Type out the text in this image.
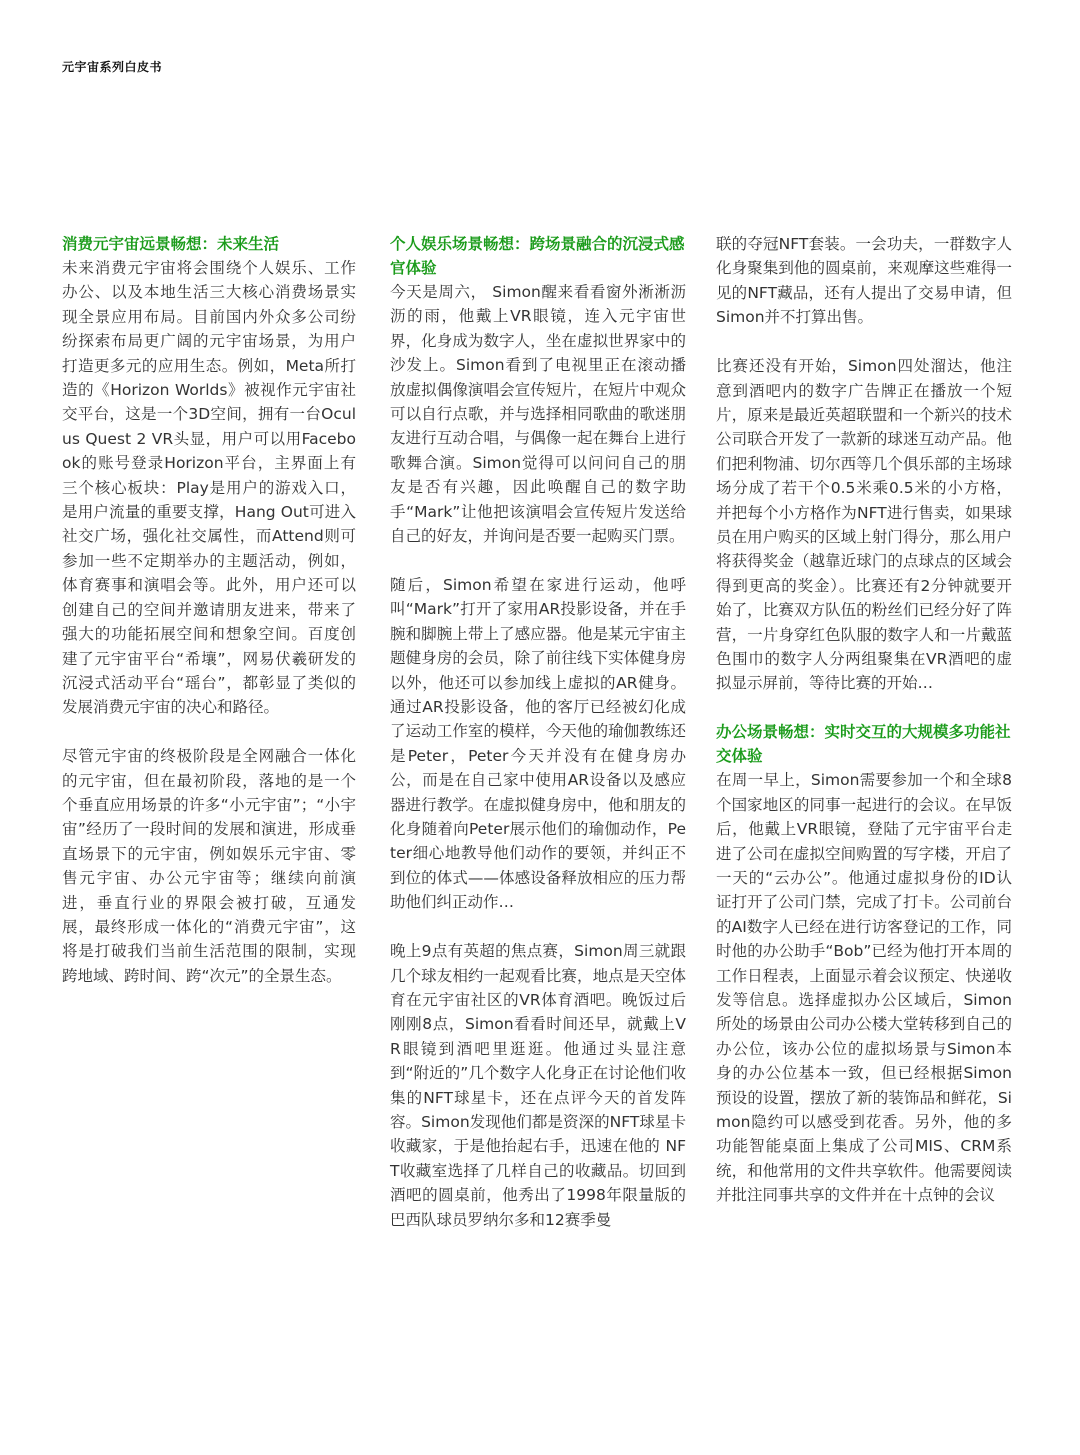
元宇宙系列白皮书

消费元宇宙远景畅想：未来生活

未来消费元宇宙将会围绕个人娱乐、工作办公、以及本地生活三大核心消费场景实现全景应用布局。目前国内外众多公司纷纷探索布局更广阔的元宇宙场景，为用户打造更多元的应用生态。例如，Meta所打造的《Horizon Worlds》被视作元宇宙社交平台，这是一个3D空间，拥有一台Oculus Quest 2 VR头显，用户可以用Facebook的账号登录Horizon平台，主界面上有三个核心板块：Play是用户的游戏入口，是用户流量的重要支撑，Hang Out可进入社交广场，强化社交属性，而Attend则可参加一些不定期举办的主题活动，例如，体育赛事和演唱会等。此外，用户还可以创建自己的空间并邀请朋友进来，带来了强大的功能拓展空间和想象空间。百度创建了元宇宙平台“希壤”，网易伏羲研发的沉浸式活动平台“瑶台”，都彰显了类似的发展消费元宇宙的决心和路径。

尽管元宇宙的终极阶段是全网融合一体化的元宇宙，但在最初阶段，落地的是一个个垂直应用场景的许多“小元宇宙”；“小宇宙”经历了一段时间的发展和演进，形成垂直场景下的元宇宙，例如娱乐元宇宙、零售元宇宙、办公元宇宙等；继续向前演进，垂直行业的界限会被打破，互通发展，最终形成一体化的“消费元宇宙”，这将是打破我们当前生活范围的限制，实现跨地域、跨时间、跨“次元”的全景生态。

个人娱乐场景畅想：跨场景融合的沉浸式感官体验

今天是周六， Simon醒来看看窗外淅淅沥沥的雨，他戴上VR眼镜，连入元宇宙世界，化身成为数字人，坐在虚拟世界家中的沙发上。Simon看到了电视里正在滚动播放虚拟偶像演唱会宣传短片，在短片中观众可以自行点歌，并与选择相同歌曲的歌迷朋友进行互动合唱，与偶像一起在舞台上进行歌舞合演。Simon觉得可以问问自己的朋友是否有兴趣，因此唤醒自己的数字助手“Mark”让他把该演唱会宣传短片发送给自己的好友，并询问是否要一起购买门票。

随后，Simon希望在家进行运动，他呼叫“Mark”打开了家用AR投影设备，并在手腕和脚腕上带上了感应器。他是某元宇宙主题健身房的会员，除了前往线下实体健身房以外，他还可以参加线上虚拟的AR健身。通过AR投影设备，他的客厅已经被幻化成了运动工作室的模样，今天他的瑜伽教练还是Peter，Peter今天并没有在健身房办公，而是在自己家中使用AR设备以及感应器进行教学。在虚拟健身房中，他和朋友的化身随着向Peter展示他们的瑜伽动作，Peter细心地教导他们动作的要领，并纠正不到位的体式——体感设备释放相应的压力帮助他们纠正动作…

晚上9点有英超的焦点赛，Simon周三就跟几个球友相约一起观看比赛，地点是天空体育在元宇宙社区的VR体育酒吧。晚饭过后刚刚8点，Simon看看时间还早，就戴上VR眼镜到酒吧里逛逛。他通过头显注意到“附近的”几个数字人化身正在讨论他们收集的NFT球星卡，还在点评今天的首发阵容。Simon发现他们都是资深的NFT球星卡收藏家，于是他抬起右手，迅速在他的 NFT收藏室选择了几样自己的收藏品。切回到酒吧的圆桌前，他秀出了1998年限量版的巴西队球员罗纳尔多和12赛季曼

联的夺冠NFT套装。一会功夫，一群数字人化身聚集到他的圆桌前，来观摩这些难得一见的NFT藏品，还有人提出了交易申请，但Simon并不打算出售。

比赛还没有开始，Simon四处溜达，他注意到酒吧内的数字广告牌正在播放一个短片，原来是最近英超联盟和一个新兴的技术公司联合开发了一款新的球迷互动产品。他们把利物浦、切尔西等几个俱乐部的主场球场分成了若干个0.5米乘0.5米的小方格，并把每个小方格作为NFT进行售卖，如果球员在用户购买的区域上射门得分，那么用户将获得奖金（越靠近球门的点球点的区域会得到更高的奖金）。比赛还有2分钟就要开始了，比赛双方队伍的粉丝们已经分好了阵营，一片身穿红色队服的数字人和一片戴蓝色围巾的数字人分两组聚集在VR酒吧的虚拟显示屏前，等待比赛的开始…

办公场景畅想：实时交互的大规模多功能社交体验

在周一早上，Simon需要参加一个和全球8个国家地区的同事一起进行的会议。在早饭后，他戴上VR眼镜，登陆了元宇宙平台走进了公司在虚拟空间购置的写字楼，开启了一天的“云办公”。他通过虚拟身份的ID认证打开了公司门禁，完成了打卡。公司前台的AI数字人已经在进行访客登记的工作，同时他的办公助手“Bob”已经为他打开本周的工作日程表，上面显示着会议预定、快递收发等信息。选择虚拟办公区域后，Simon所处的场景由公司办公楼大堂转移到自己的办公位，该办公位的虚拟场景与Simon本身的办公位基本一致，但已经根据Simon预设的设置，摆放了新的装饰品和鲜花，Simon隐约可以感受到花香。另外，他的多功能智能桌面上集成了公司MIS、CRM系统，和他常用的文件共享软件。他需要阅读并批注同事共享的文件并在十点钟的会议
